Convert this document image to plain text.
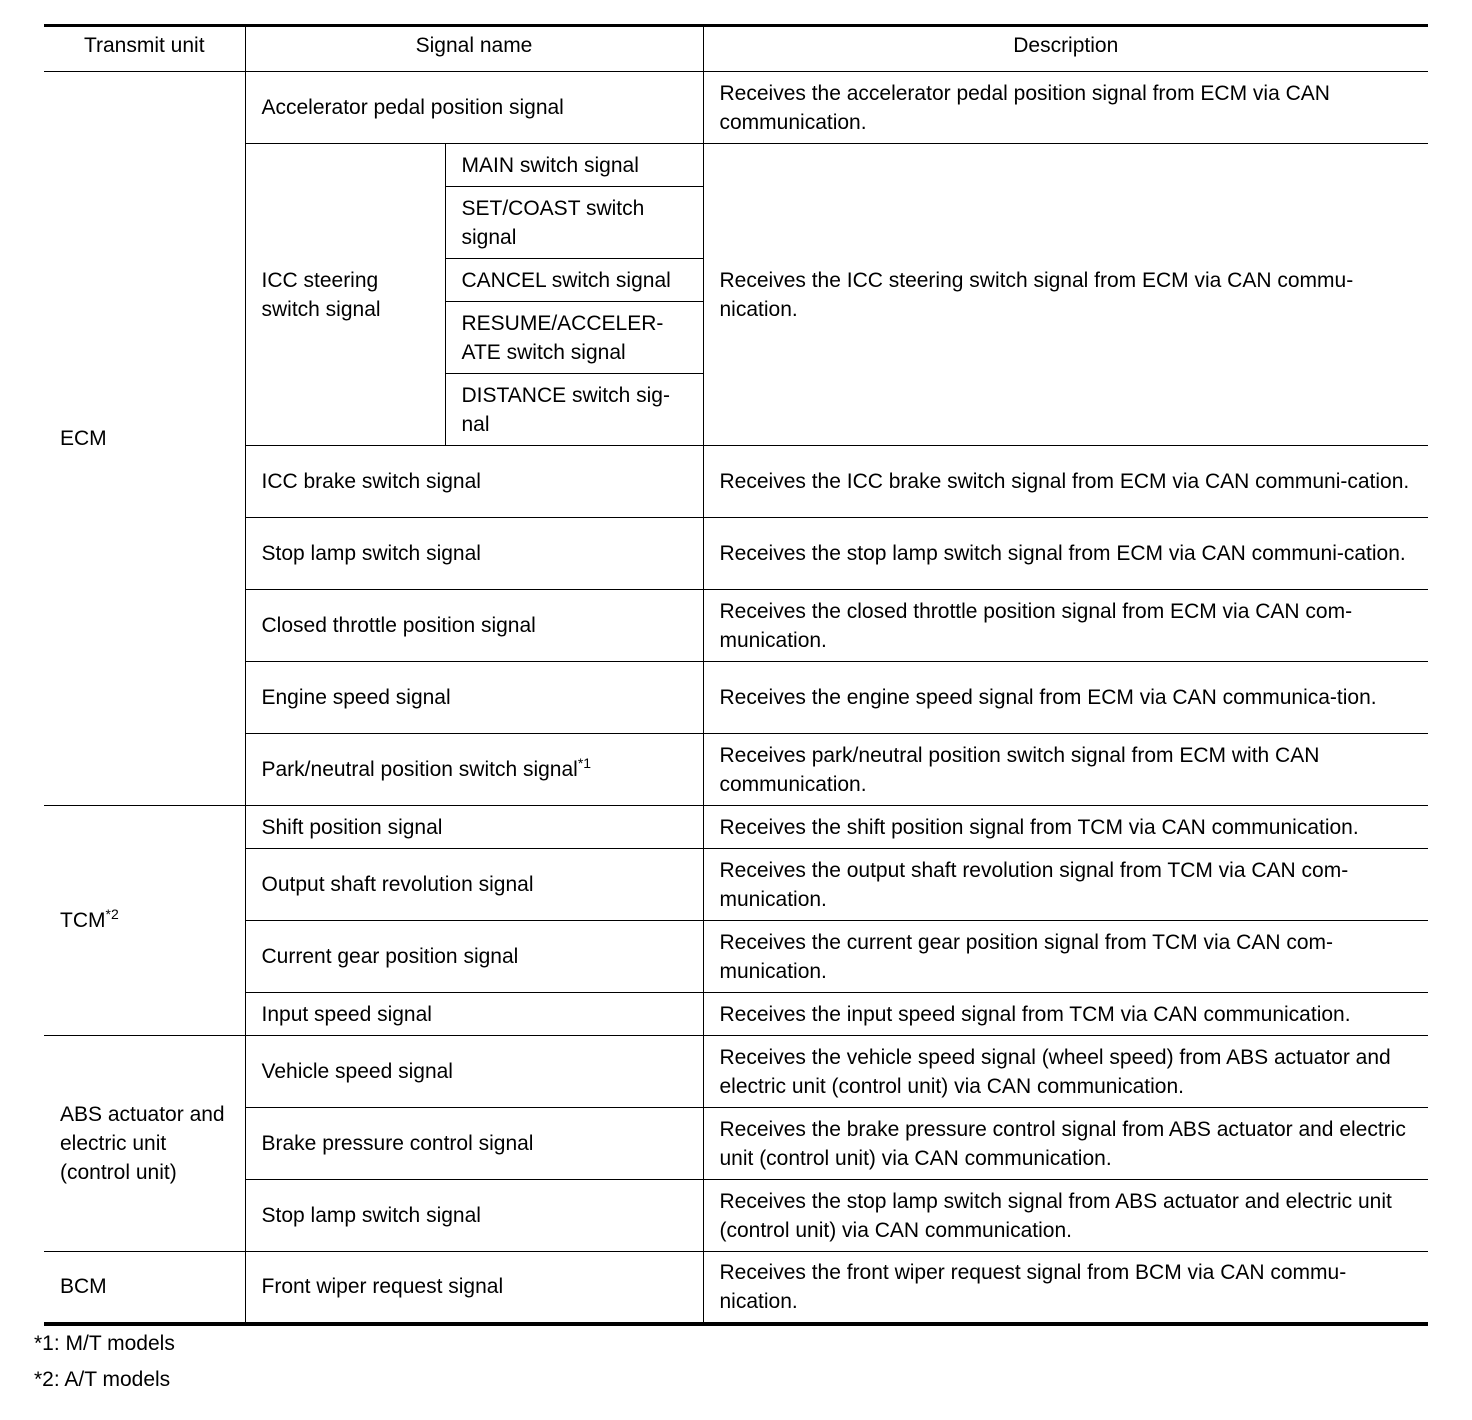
Transmit unit	Signal name		Description
ECM	Accelerator pedal position signal		Receives the accelerator pedal position signal from ECM via CAN communication.
	ICC steering switch signal	MAIN switch signal	Receives the ICC steering switch signal from ECM via CAN commu-nication.
		SET/COAST switch signal	
		CANCEL switch signal	
		RESUME/ACCELER-ATE switch signal	
		DISTANCE switch sig-nal	
	ICC brake switch signal		Receives the ICC brake switch signal from ECM via CAN communi-cation.
	Stop lamp switch signal		Receives the stop lamp switch signal from ECM via CAN communi-cation.
	Closed throttle position signal		Receives the closed throttle position signal from ECM via CAN com-munication.
	Engine speed signal		Receives the engine speed signal from ECM via CAN communica-tion.
	Park/neutral position switch signal$^{*1}$		Receives park/neutral position switch signal from ECM with CAN communication.
TCM$^{*2}$	Shift position signal		Receives the shift position signal from TCM via CAN communication.
	Output shaft revolution signal		Receives the output shaft revolution signal from TCM via CAN com-munication.
	Current gear position signal		Receives the current gear position signal from TCM via CAN com-munication.
	Input speed signal		Receives the input speed signal from TCM via CAN communication.
ABS actuator and electric unit (control unit)	Vehicle speed signal		Receives the vehicle speed signal (wheel speed) from ABS actuator and electric unit (control unit) via CAN communication.
	Brake pressure control signal		Receives the brake pressure control signal from ABS actuator and electric unit (control unit) via CAN communication.
	Stop lamp switch signal		Receives the stop lamp switch signal from ABS actuator and electric unit (control unit) via CAN communication.
BCM	Front wiper request signal		Receives the front wiper request signal from BCM via CAN commu-nication.
*1: M/T models
*2: A/T models
